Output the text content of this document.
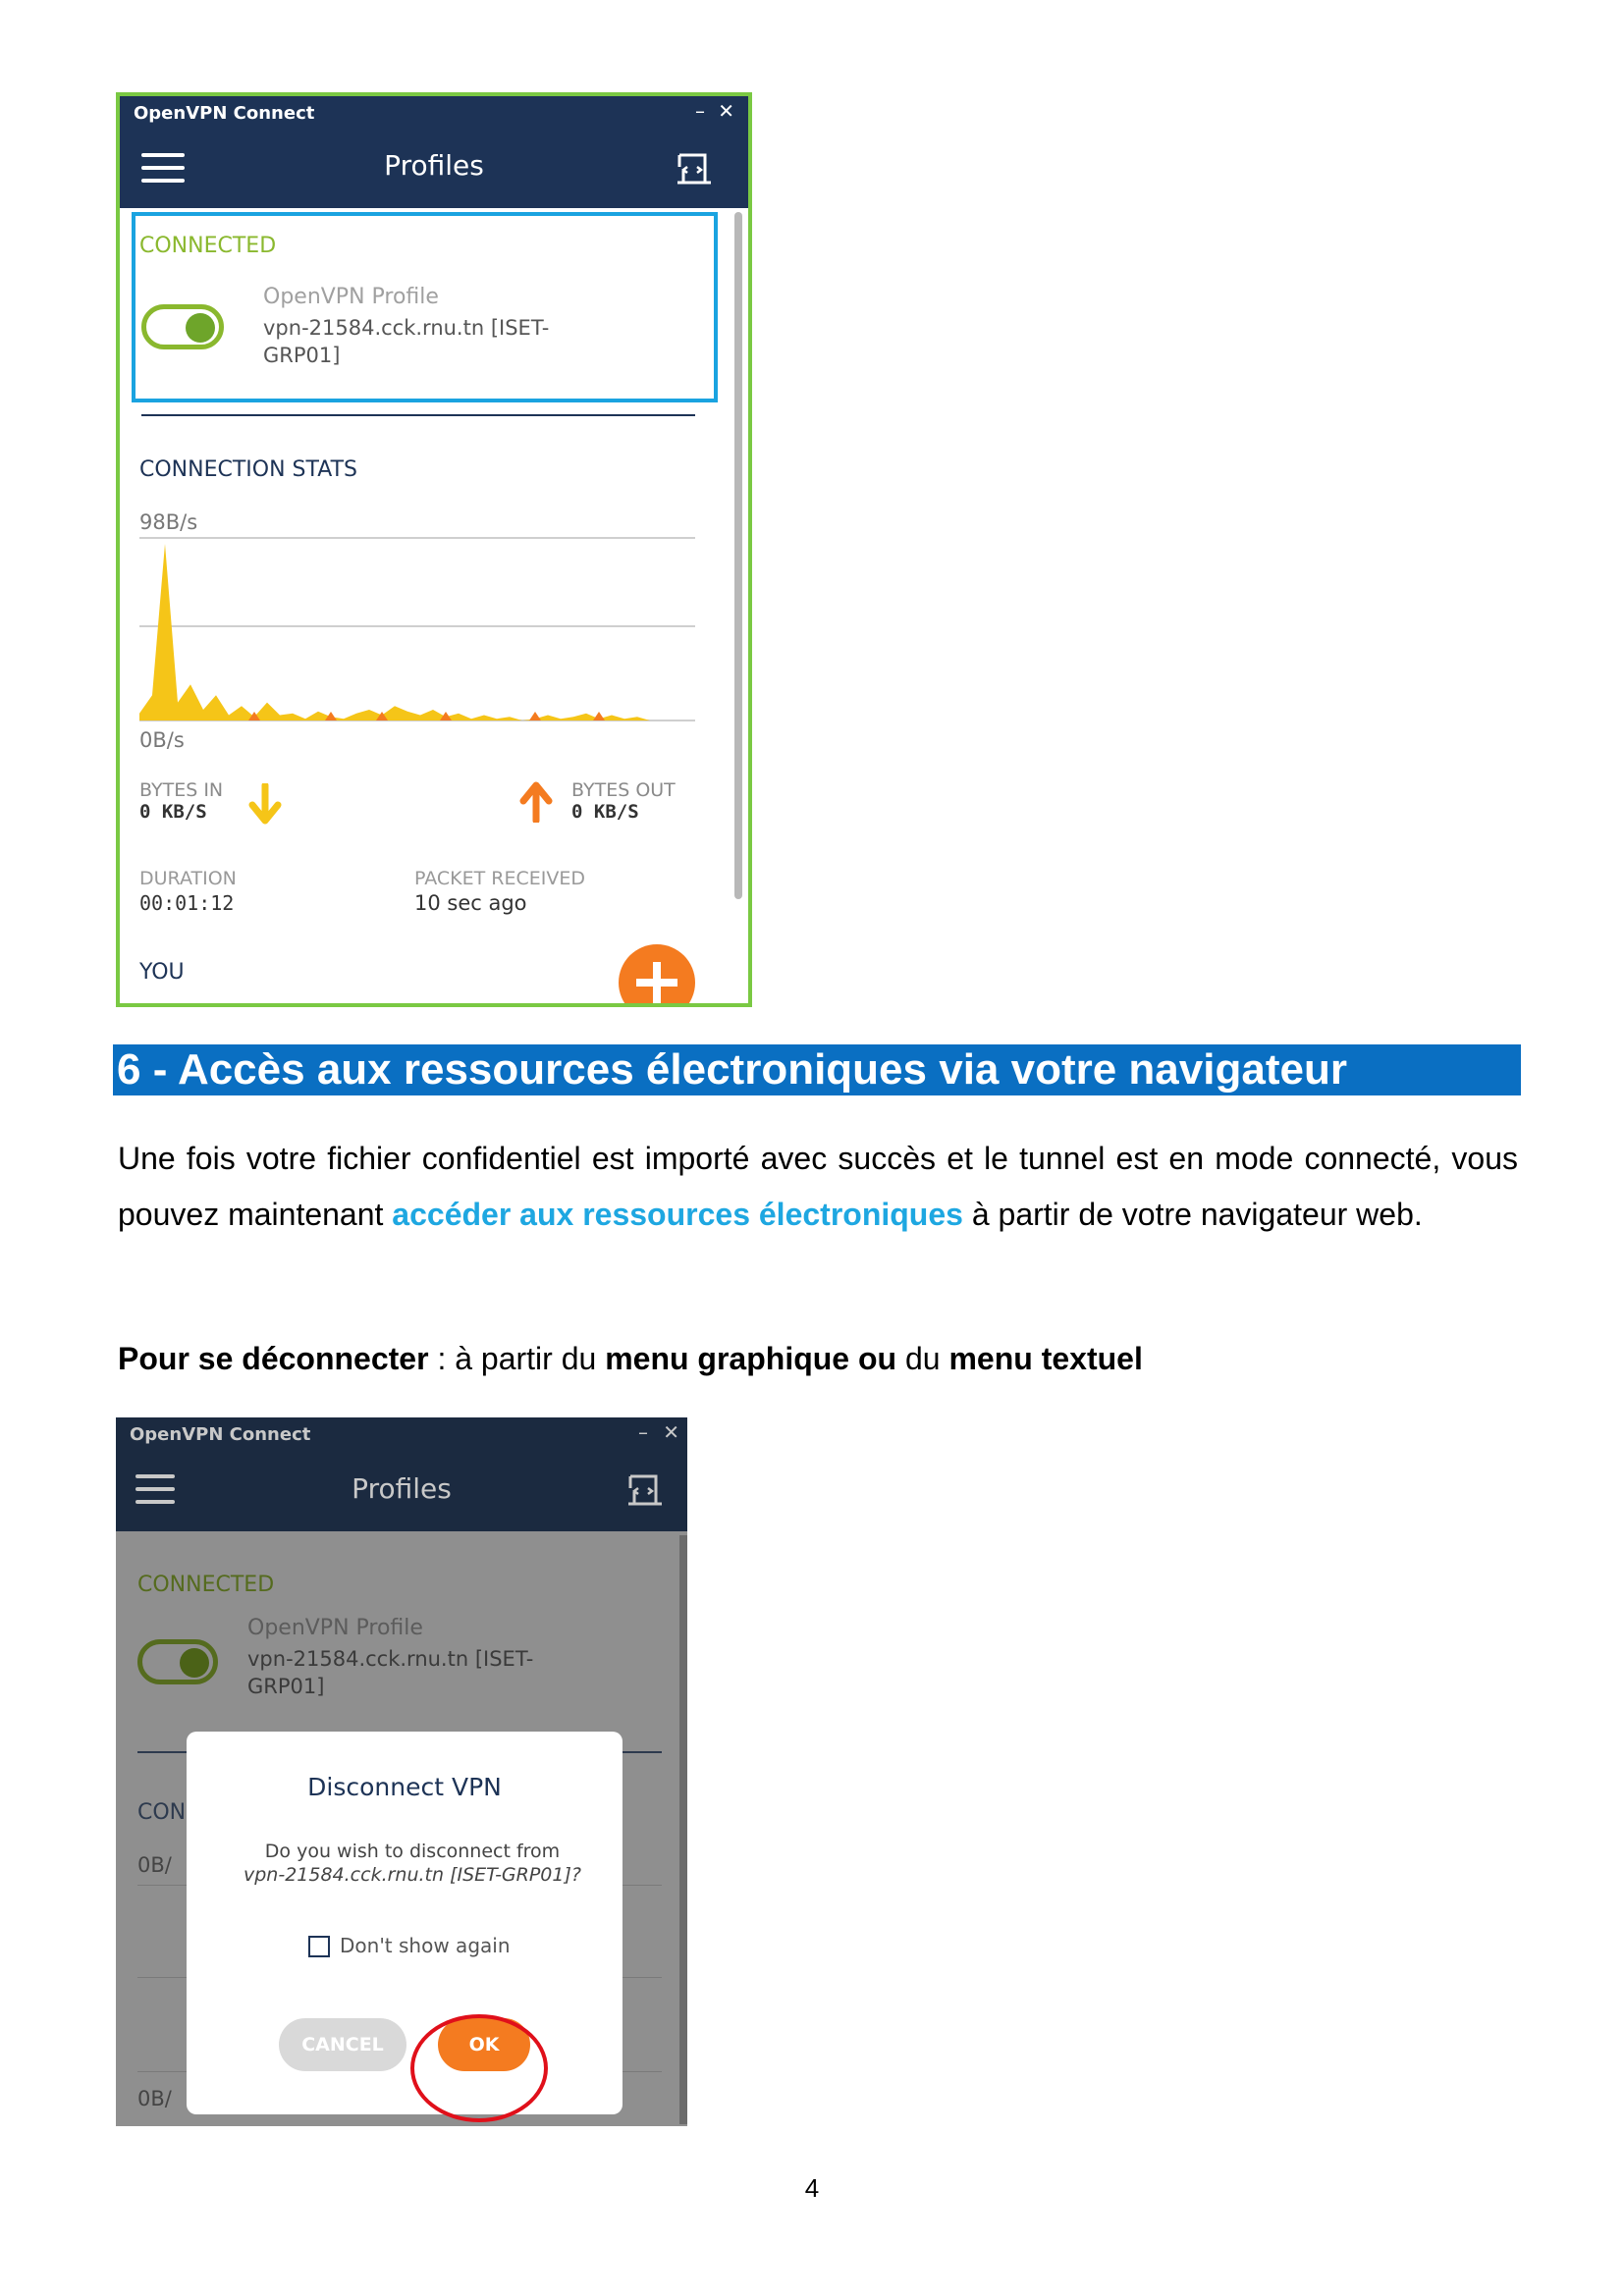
OpenVPN Connect	– ✕
Profiles
CONNECTED
OpenVPN Profile
vpn-21584.cck.rnu.tn [ISET-GRP01]
CONNECTION STATS
98B/s
0B/s
BYTES IN
0 KB/S
BYTES OUT
0 KB/S
DURATION
00:01:12
PACKET RECEIVED
10 sec ago
YOU
6 - Accès aux ressources électroniques via votre navigateur

Une fois votre fichier confidentiel est importé avec succès et le tunnel est en mode connecté, vous pouvez maintenant accéder aux ressources électroniques à partir de votre navigateur web.

Pour se déconnecter : à partir du menu graphique ou du menu textuel

OpenVPN Connect	– ✕
Profiles
CONNECTED
OpenVPN Profile
vpn-21584.cck.rnu.tn [ISET-GRP01]
CON
0B/
0B/
Disconnect VPN
Do you wish to disconnect from vpn-21584.cck.rnu.tn [ISET-GRP01]?
Don't show again
CANCEL	OK
4
